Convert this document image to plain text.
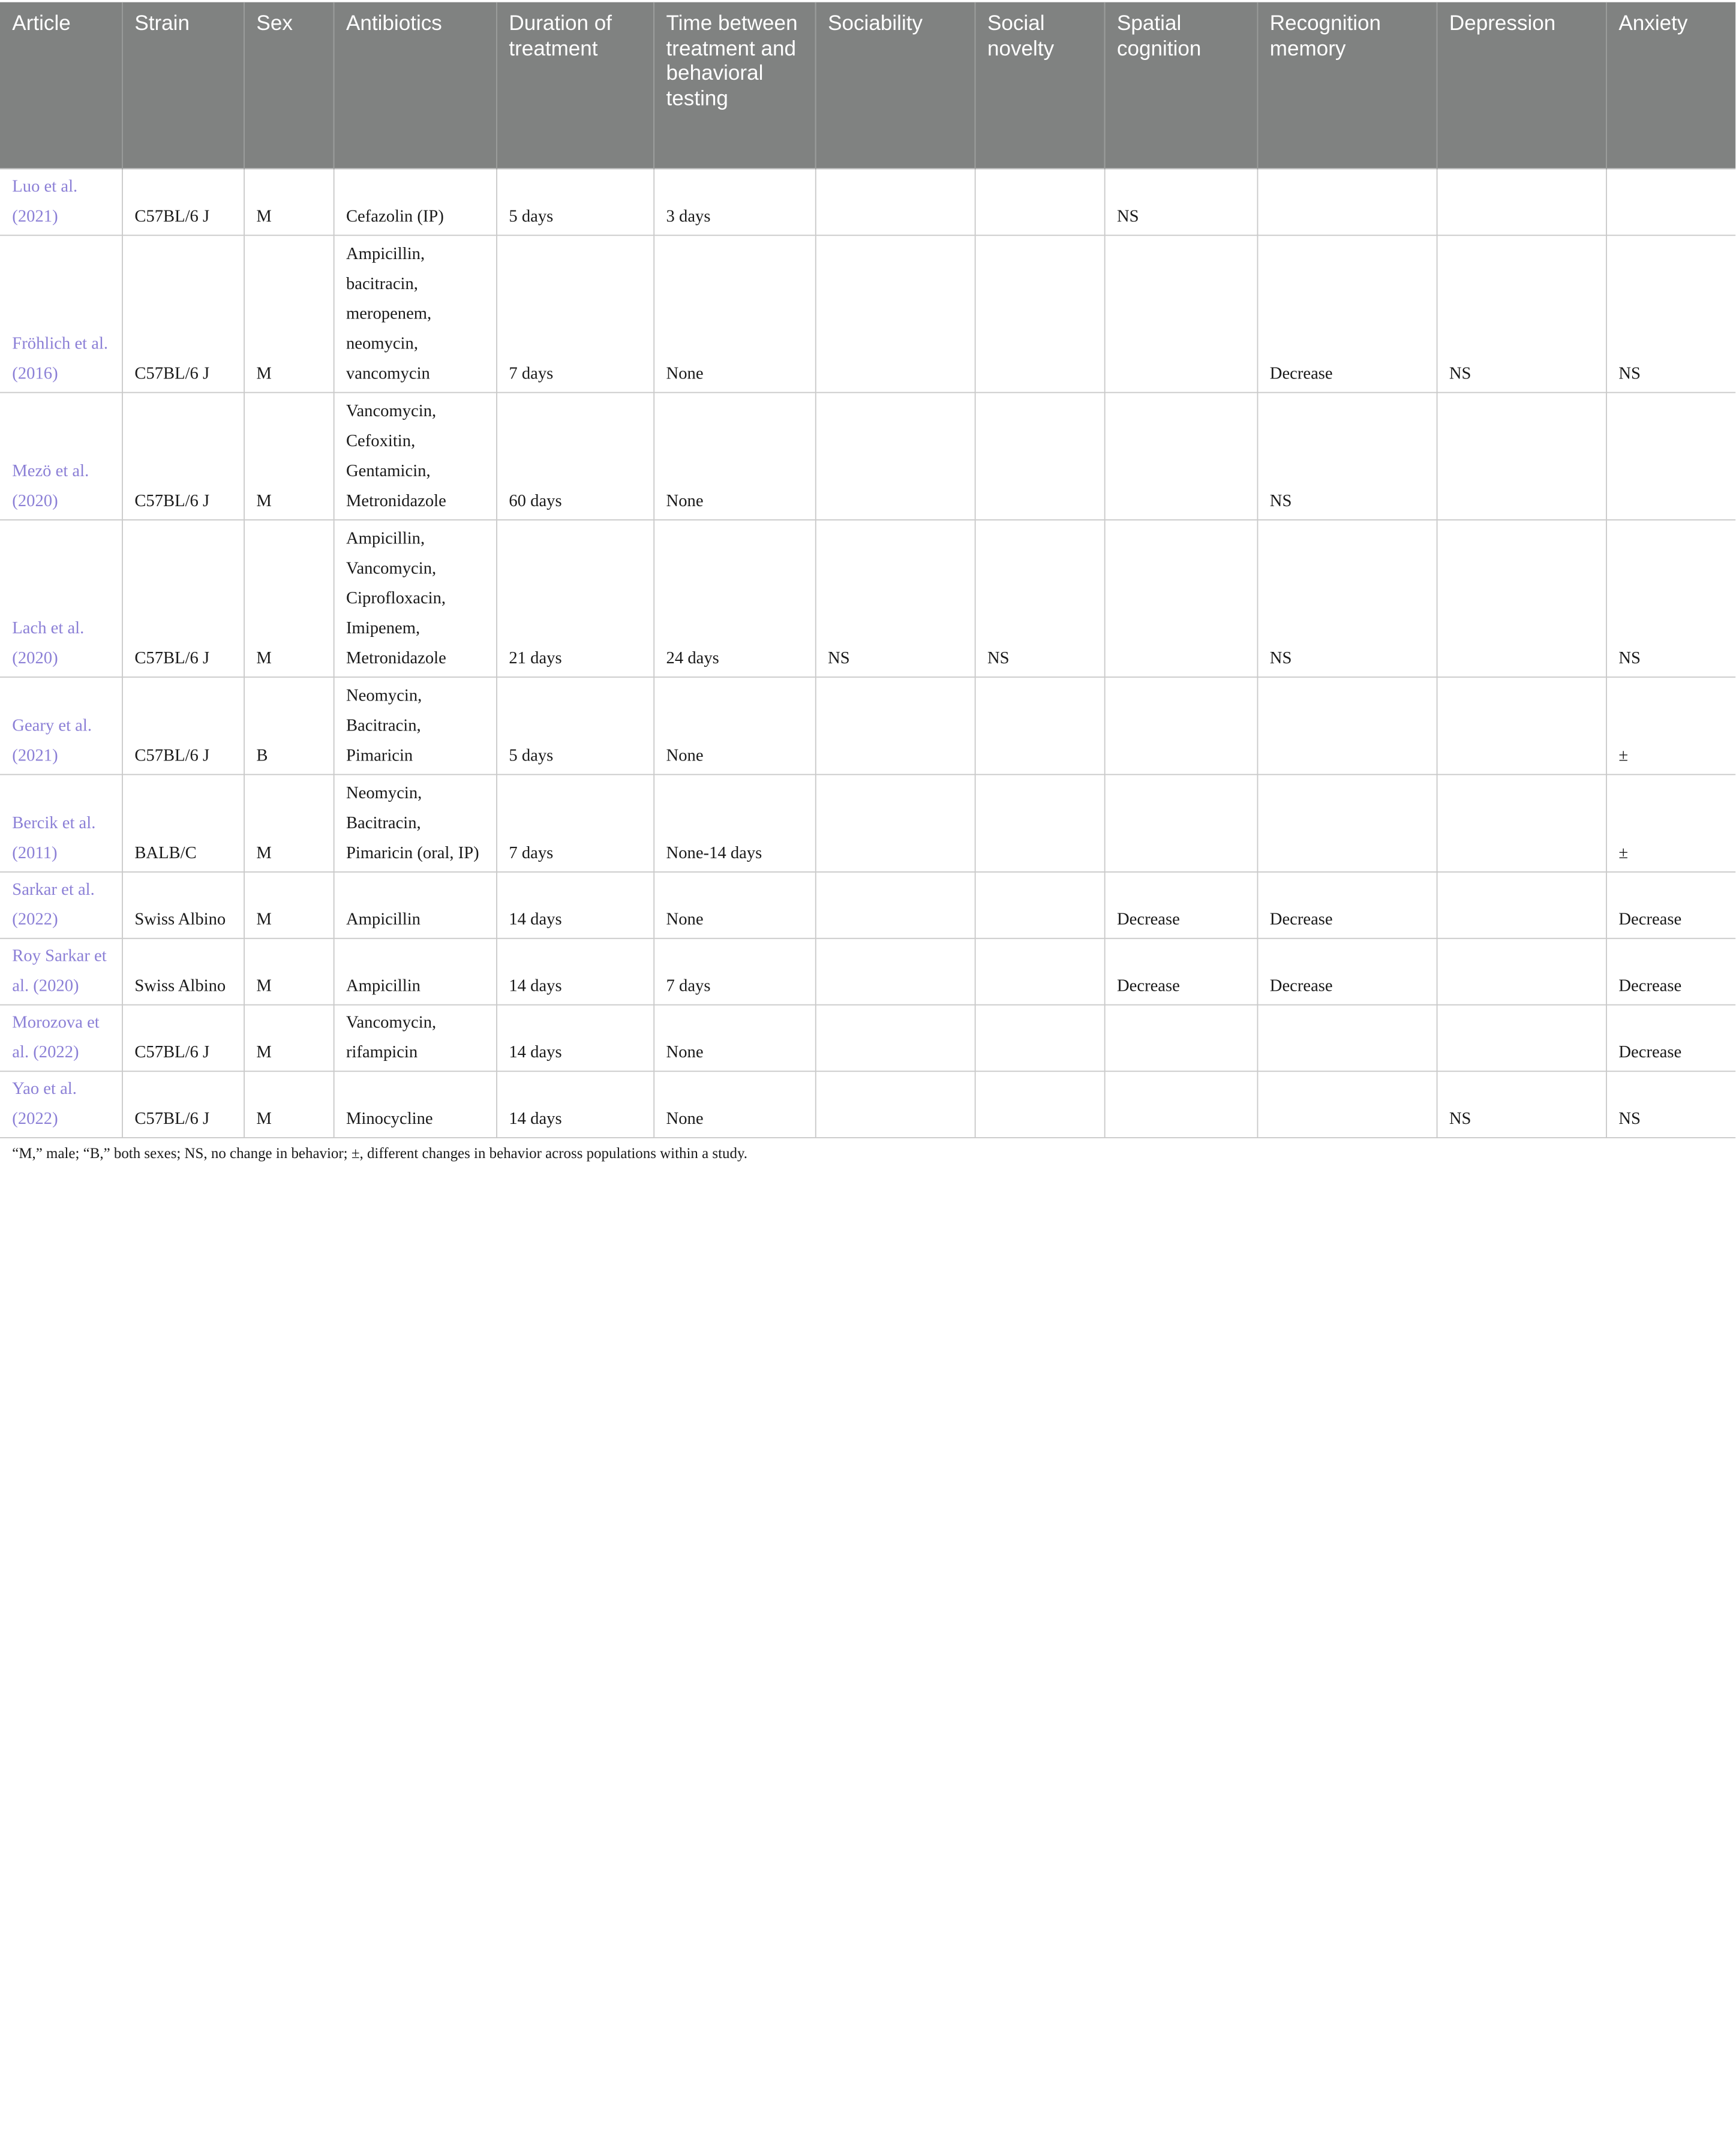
Article	Strain	Sex	Antibiotics	Duration of treatment	Time between treatment and behavioral testing	Sociability	Social novelty	Spatial cognition	Recognition memory	Depression	Anxiety
Luo et al. (2021)	C57BL/6 J	M	Cefazolin (IP)	5 days	3 days			NS			
Fröhlich et al. (2016)	C57BL/6 J	M	Ampicillin, bacitracin, meropenem, neomycin, vancomycin	7 days	None				Decrease	NS	NS
Mezö et al. (2020)	C57BL/6 J	M	Vancomycin, Cefoxitin, Gentamicin, Metronidazole	60 days	None				NS		
Lach et al. (2020)	C57BL/6 J	M	Ampicillin, Vancomycin, Ciprofloxacin, Imipenem, Metronidazole	21 days	24 days	NS	NS		NS		NS
Geary et al. (2021)	C57BL/6 J	B	Neomycin, Bacitracin, Pimaricin	5 days	None						±
Bercik et al. (2011)	BALB/C	M	Neomycin, Bacitracin, Pimaricin (oral, IP)	7 days	None-14 days						±
Sarkar et al. (2022)	Swiss Albino	M	Ampicillin	14 days	None			Decrease	Decrease		Decrease
Roy Sarkar et al. (2020)	Swiss Albino	M	Ampicillin	14 days	7 days			Decrease	Decrease		Decrease
Morozova et al. (2022)	C57BL/6 J	M	Vancomycin, rifampicin	14 days	None						Decrease
Yao et al. (2022)	C57BL/6 J	M	Minocycline	14 days	None					NS	NS
“M,” male; “B,” both sexes; NS, no change in behavior; ±, different changes in behavior across populations within a study.
